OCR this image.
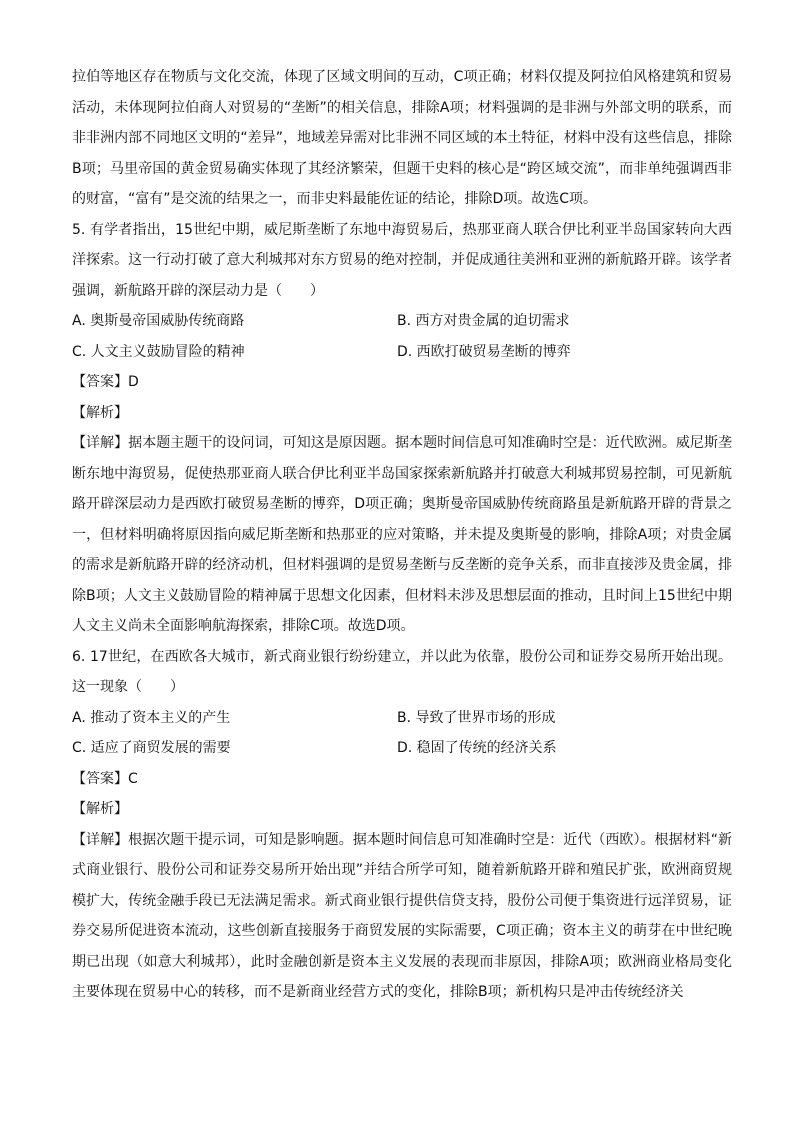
拉伯等地区存在物质与文化交流，体现了区域文明间的互动，C项正确；材料仅提及阿拉伯风格建筑和贸易活动，未体现阿拉伯商人对贸易的“垄断”的相关信息，排除A项；材料强调的是非洲与外部文明的联系，而非非洲内部不同地区文明的“差异”，地域差异需对比非洲不同区域的本土特征，材料中没有这些信息，排除B项；马里帝国的黄金贸易确实体现了其经济繁荣，但题干史料的核心是“跨区域交流”，而非单纯强调西非的财富，“富有”是交流的结果之一，而非史料最能佐证的结论，排除D项。故选C项。

5. 有学者指出，15世纪中期，威尼斯垄断了东地中海贸易后，热那亚商人联合伊比利亚半岛国家转向大西洋探索。这一行动打破了意大利城邦对东方贸易的绝对控制，并促成通往美洲和亚洲的新航路开辟。该学者强调，新航路开辟的深层动力是（　　）

A. 奥斯曼帝国威胁传统商路	B. 西方对贵金属的迫切需求
C. 人文主义鼓励冒险的精神	D. 西欧打破贸易垄断的博弈

【答案】D

【解析】

【详解】据本题主题干的设问词，可知这是原因题。据本题时间信息可知准确时空是：近代欧洲。威尼斯垄断东地中海贸易，促使热那亚商人联合伊比利亚半岛国家探索新航路并打破意大利城邦贸易控制，可见新航路开辟深层动力是西欧打破贸易垄断的博弈，D项正确；奥斯曼帝国威胁传统商路虽是新航路开辟的背景之一，但材料明确将原因指向威尼斯垄断和热那亚的应对策略，并未提及奥斯曼的影响，排除A项；对贵金属的需求是新航路开辟的经济动机，但材料强调的是贸易垄断与反垄断的竞争关系，而非直接涉及贵金属，排除B项；人文主义鼓励冒险的精神属于思想文化因素，但材料未涉及思想层面的推动，且时间上15世纪中期人文主义尚未全面影响航海探索，排除C项。故选D项。

6. 17世纪，在西欧各大城市，新式商业银行纷纷建立，并以此为依靠，股份公司和证券交易所开始出现。这一现象（　　）

A. 推动了资本主义的产生	B. 导致了世界市场的形成
C. 适应了商贸发展的需要	D. 稳固了传统的经济关系

【答案】C

【解析】

【详解】根据次题干提示词，可知是影响题。据本题时间信息可知准确时空是：近代（西欧）。根据材料“新式商业银行、股份公司和证券交易所开始出现”并结合所学可知，随着新航路开辟和殖民扩张，欧洲商贸规模扩大，传统金融手段已无法满足需求。新式商业银行提供信贷支持，股份公司便于集资进行远洋贸易，证券交易所促进资本流动，这些创新直接服务于商贸发展的实际需要，C项正确；资本主义的萌芽在中世纪晚期已出现（如意大利城邦），此时金融创新是资本主义发展的表现而非原因，排除A项；欧洲商业格局变化主要体现在贸易中心的转移，而不是新商业经营方式的变化，排除B项；新机构只是冲击传统经济关
